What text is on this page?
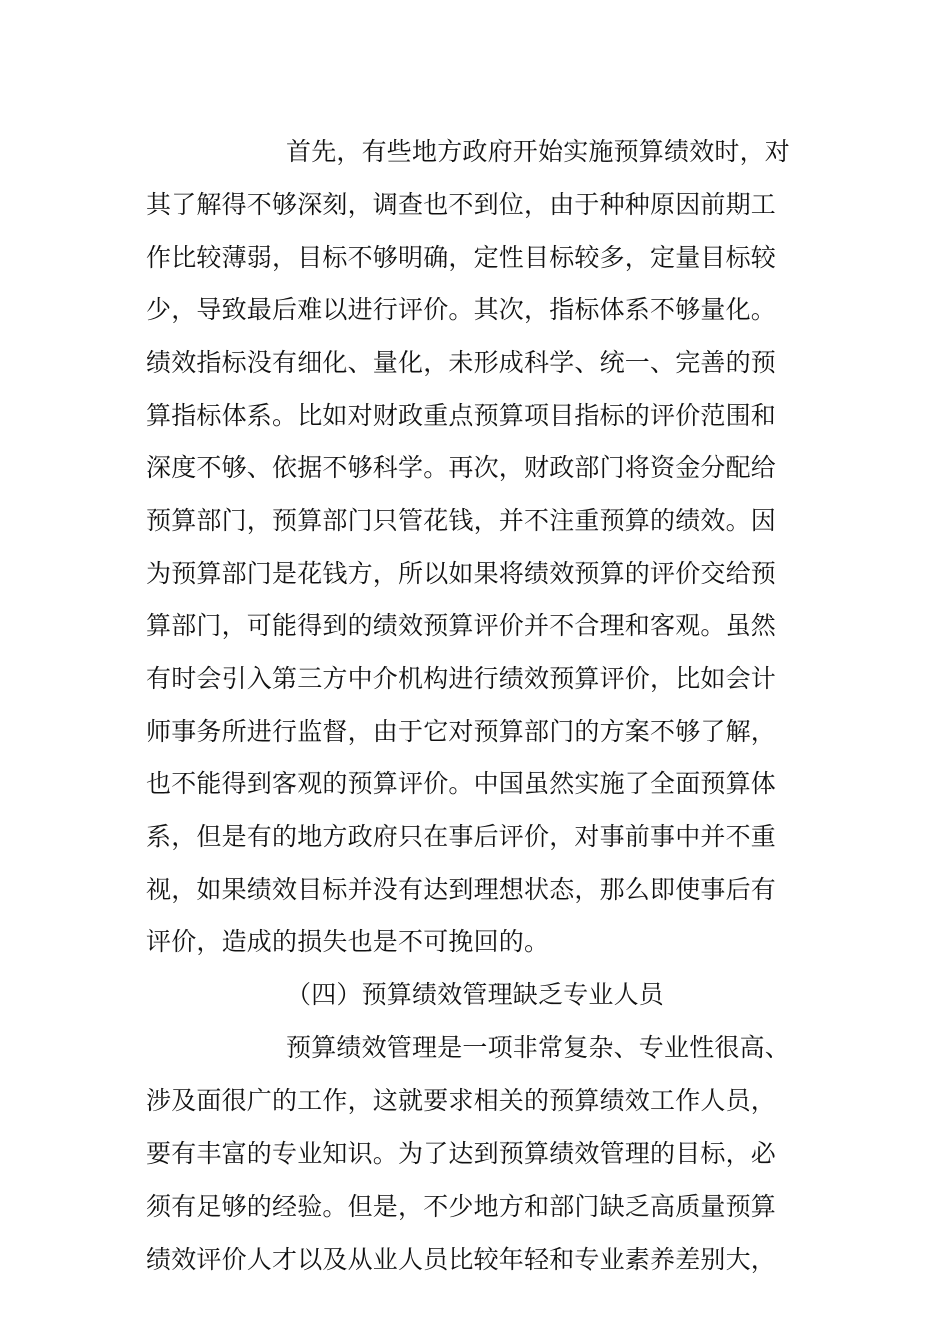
首先，有些地方政府开始实施预算绩效时，对
其了解得不够深刻，调查也不到位，由于种种原因前期工
作比较薄弱，目标不够明确，定性目标较多，定量目标较
少，导致最后难以进行评价。其次，指标体系不够量化。
绩效指标没有细化、量化，未形成科学、统一、完善的预
算指标体系。比如对财政重点预算项目指标的评价范围和
深度不够、依据不够科学。再次，财政部门将资金分配给
预算部门，预算部门只管花钱，并不注重预算的绩效。因
为预算部门是花钱方，所以如果将绩效预算的评价交给预
算部门，可能得到的绩效预算评价并不合理和客观。虽然
有时会引入第三方中介机构进行绩效预算评价，比如会计
师事务所进行监督，由于它对预算部门的方案不够了解，
也不能得到客观的预算评价。中国虽然实施了全面预算体
系，但是有的地方政府只在事后评价，对事前事中并不重
视，如果绩效目标并没有达到理想状态，那么即使事后有
评价，造成的损失也是不可挽回的。
（四）预算绩效管理缺乏专业人员
预算绩效管理是一项非常复杂、专业性很高、
涉及面很广的工作，这就要求相关的预算绩效工作人员，
要有丰富的专业知识。为了达到预算绩效管理的目标，必
须有足够的经验。但是，不少地方和部门缺乏高质量预算
绩效评价人才以及从业人员比较年轻和专业素养差别大，
